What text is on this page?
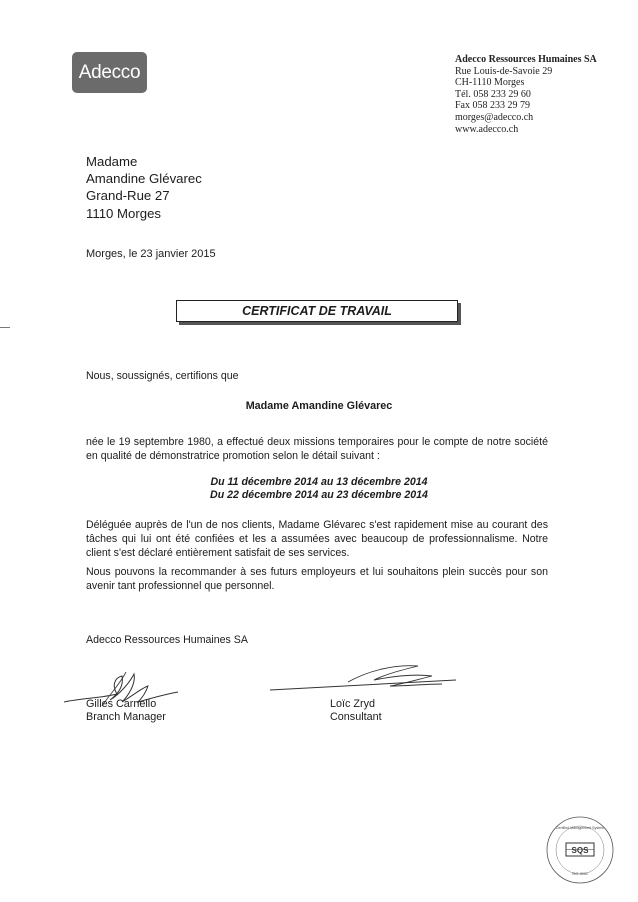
Adecco
Adecco Ressources Humaines SA
Rue Louis-de-Savoie 29
CH-1110 Morges
Tél. 058 233 29 60
Fax 058 233 29 79
morges@adecco.ch
www.adecco.ch
Madame
Amandine Glévarec
Grand-Rue 27
1110 Morges
Morges, le 23 janvier 2015
CERTIFICAT DE TRAVAIL
Nous, soussignés, certifions que
Madame Amandine Glévarec
née le 19 septembre 1980, a effectué deux missions temporaires pour le compte de notre société en qualité de démonstratrice promotion selon le détail suivant :
Du 11 décembre 2014 au 13 décembre 2014
Du 22 décembre 2014 au 23 décembre 2014
Déléguée auprès de l'un de nos clients, Madame Glévarec s'est rapidement mise au courant des tâches qui lui ont été confiées et les a assumées avec beaucoup de professionnalisme. Notre client s'est déclaré entièrement satisfait de ses services.
Nous pouvons la recommander à ses futurs employeurs et lui souhaitons plein succès pour son avenir tant professionnel que personnel.
Adecco Ressources Humaines SA
Gilles Carnello
Branch Manager
Loïc Zryd
Consultant
SQS
Certified Management System
ISO 9001
